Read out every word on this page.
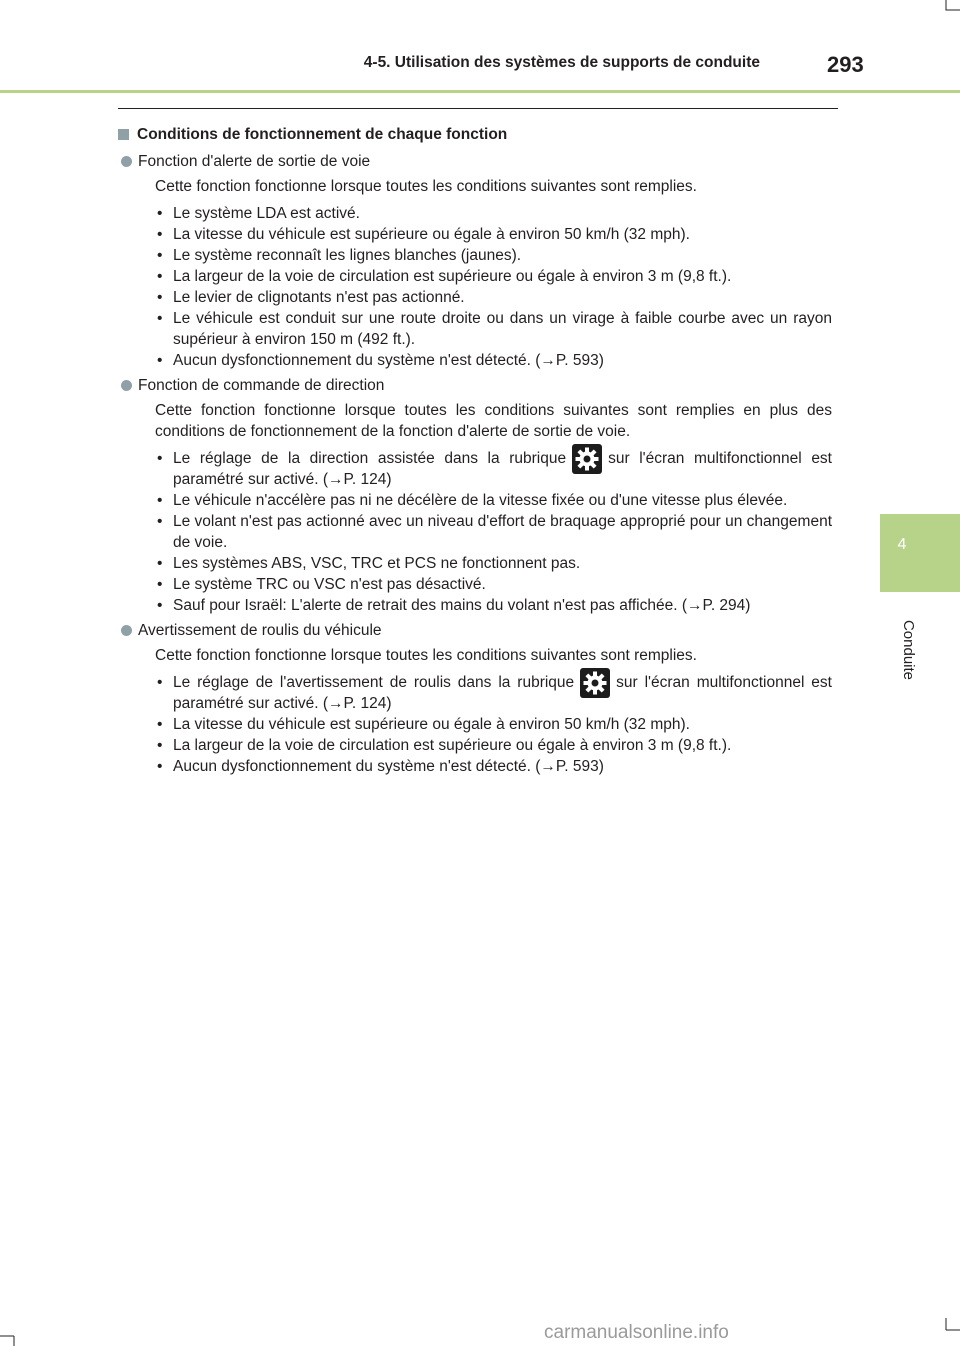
4-5. Utilisation des systèmes de supports de conduite	293
4
Conduite
Conditions de fonctionnement de chaque fonction
Fonction d'alerte de sortie de voie

Cette fonction fonctionne lorsque toutes les conditions suivantes sont remplies.

• Le système LDA est activé.
• La vitesse du véhicule est supérieure ou égale à environ 50 km/h (32 mph).
• Le système reconnaît les lignes blanches (jaunes).
• La largeur de la voie de circulation est supérieure ou égale à environ 3 m (9,8 ft.).
• Le levier de clignotants n'est pas actionné.
• Le véhicule est conduit sur une route droite ou dans un virage à faible courbe avec un rayon supérieur à environ 150 m (492 ft.).
• Aucun dysfonctionnement du système n'est détecté. (→P. 593)
Fonction de commande de direction

Cette fonction fonctionne lorsque toutes les conditions suivantes sont remplies en plus des conditions de fonctionnement de la fonction d'alerte de sortie de voie.

• Le réglage de la direction assistée dans la rubrique	sur l'écran multifonctionnel est paramétré sur activé. (→P. 124)
• Le véhicule n'accélère pas ni ne décélère de la vitesse fixée ou d'une vitesse plus élevée.
• Le volant n'est pas actionné avec un niveau d'effort de braquage approprié pour un changement de voie.
• Les systèmes ABS, VSC, TRC et PCS ne fonctionnent pas.
• Le système TRC ou VSC n'est pas désactivé.
• Sauf pour Israël: L'alerte de retrait des mains du volant n'est pas affichée. (→P. 294)
Avertissement de roulis du véhicule

Cette fonction fonctionne lorsque toutes les conditions suivantes sont remplies.

• Le réglage de l'avertissement de roulis dans la rubrique	sur l'écran multifonctionnel est paramétré sur activé. (→P. 124)
• La vitesse du véhicule est supérieure ou égale à environ 50 km/h (32 mph).
• La largeur de la voie de circulation est supérieure ou égale à environ 3 m (9,8 ft.).
• Aucun dysfonctionnement du système n'est détecté. (→P. 593)
carmanualsonline.info
